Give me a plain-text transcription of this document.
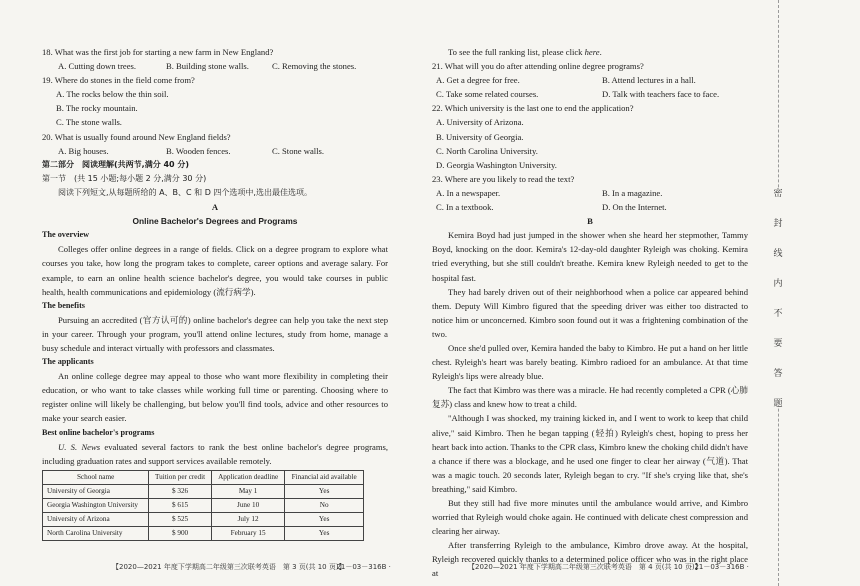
18. What was the first job for starting a new farm in New England?

A. Cutting down trees.	B. Building stone walls.	C. Removing the stones.

19. Where do stones in the field come from?

A. The rocks below the thin soil.

B. The rocky mountain.

C. The stone walls.

20. What is usually found around New England fields?

A. Big houses.	B. Wooden fences.	C. Stone walls.

第二部分　阅读理解(共两节,满分 40 分)

第一节　(共 15 小题;每小题 2 分,满分 30 分)

阅读下列短文,从每题所给的 A、B、C 和 D 四个选项中,选出最佳选项。

A

Online Bachelor's Degrees and Programs

The overview

Colleges offer online degrees in a range of fields. Click on a degree program to explore what courses you take, how long the program takes to complete, career options and average salary. For example, to earn an online health science bachelor's degree, you would take courses in public health, health communications and epidemiology (流行病学).

The benefits

Pursuing an accredited (官方认可的) online bachelor's degree can help you take the next step in your career. Through your program, you'll attend online lectures, study from home, manage a busy schedule and interact virtually with professors and classmates.

The applicants

An online college degree may appeal to those who want more flexibility in completing their education, or who want to take classes while working full time or parenting. Choosing where to register online will likely be challenging, but below you'll find tools, advice and other resources to make your search easier.

Best online bachelor's programs

U. S. News evaluated several factors to rank the best online bachelor's degree programs, including graduation rates and support services available remotely.

School name	Tuition per credit	Application deadline	Financial aid available
University of Georgia	$ 326	May 1	Yes
Georgia Washington University	$ 615	June 10	No
University of Arizona	$ 525	July 12	Yes
North Carolina University	$ 900	February 15	Yes
【2020—2021 年度下学期高二年级第三次联考英语　第 3 页(共 10 页)】
· 21－03－316B ·

To see the full ranking list, please click here.

21. What will you do after attending online degree programs?

A. Get a degree for free.	B. Attend lectures in a hall.
C. Take some related courses.	D. Talk with teachers face to face.

22. Which university is the last one to end the application?

A. University of Arizona.

B. University of Georgia.

C. North Carolina University.

D. Georgia Washington University.

23. Where are you likely to read the text?

A. In a newspaper.	B. In a magazine.
C. In a textbook.	D. On the Internet.

B

Kemira Boyd had just jumped in the shower when she heard her stepmother, Tammy Boyd, knocking on the door. Kemira's 12-day-old daughter Ryleigh was choking. Kemira tried everything, but she still couldn't breathe. Kemira knew Ryleigh needed to get to the hospital fast.

They had barely driven out of their neighborhood when a police car appeared behind them. Deputy Will Kimbro figured that the speeding driver was either too distracted to notice him or unconcerned. Kimbro soon found out it was a frightening combination of the two.

Once she'd pulled over, Kemira handed the baby to Kimbro. He put a hand on her little chest. Ryleigh's heart was barely beating. Kimbro radioed for an ambulance. At that time Ryleigh's lips were already blue.

The fact that Kimbro was there was a miracle. He had recently completed a CPR (心肺复苏) class and knew how to treat a child.

"Although I was shocked, my training kicked in, and I went to work to keep that child alive," said Kimbro. Then he began tapping (轻拍) Ryleigh's chest, hoping to press her heart back into action. Thanks to the CPR class, Kimbro knew the choking child didn't have a chance if there was a blockage, and he used one finger to clear her airway (气道). That was a magic touch. 20 seconds later, Ryleigh began to cry. "If she's crying like that, she's breathing," said Kimbro.

But they still had five more minutes until the ambulance would arrive, and Kimbro worried that Ryleigh would choke again. He continued with delicate chest compression and clearing her airway.

After transferring Ryleigh to the ambulance, Kimbro drove away. At the hospital, Ryleigh recovered quickly thanks to a determined police officer who was in the right place at

【2020—2021 年度下学期高二年级第三次联考英语　第 4 页(共 10 页)】
· 21－03－316B ·
密
封
线
内
不
要
答
题
